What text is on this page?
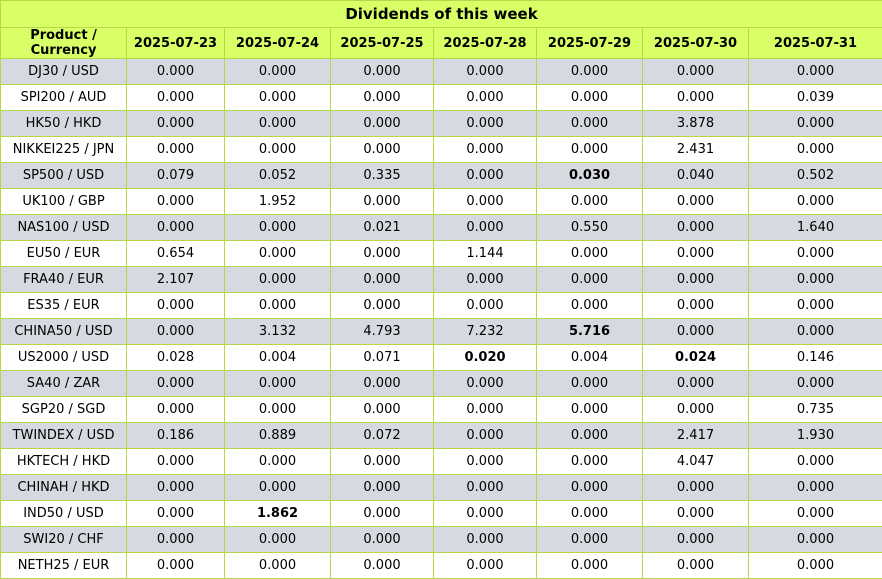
Dividends of this week							
Product / Currency	2025-07-23	2025-07-24	2025-07-25	2025-07-28	2025-07-29	2025-07-30	2025-07-31
DJ30 / USD	0.000	0.000	0.000	0.000	0.000	0.000	0.000
SPI200 / AUD	0.000	0.000	0.000	0.000	0.000	0.000	0.039
HK50 / HKD	0.000	0.000	0.000	0.000	0.000	3.878	0.000
NIKKEI225 / JPN	0.000	0.000	0.000	0.000	0.000	2.431	0.000
SP500 / USD	0.079	0.052	0.335	0.000	0.030	0.040	0.502
UK100 / GBP	0.000	1.952	0.000	0.000	0.000	0.000	0.000
NAS100 / USD	0.000	0.000	0.021	0.000	0.550	0.000	1.640
EU50 / EUR	0.654	0.000	0.000	1.144	0.000	0.000	0.000
FRA40 / EUR	2.107	0.000	0.000	0.000	0.000	0.000	0.000
ES35 / EUR	0.000	0.000	0.000	0.000	0.000	0.000	0.000
CHINA50 / USD	0.000	3.132	4.793	7.232	5.716	0.000	0.000
US2000 / USD	0.028	0.004	0.071	0.020	0.004	0.024	0.146
SA40 / ZAR	0.000	0.000	0.000	0.000	0.000	0.000	0.000
SGP20 / SGD	0.000	0.000	0.000	0.000	0.000	0.000	0.735
TWINDEX / USD	0.186	0.889	0.072	0.000	0.000	2.417	1.930
HKTECH / HKD	0.000	0.000	0.000	0.000	0.000	4.047	0.000
CHINAH / HKD	0.000	0.000	0.000	0.000	0.000	0.000	0.000
IND50 / USD	0.000	1.862	0.000	0.000	0.000	0.000	0.000
SWI20 / CHF	0.000	0.000	0.000	0.000	0.000	0.000	0.000
NETH25 / EUR	0.000	0.000	0.000	0.000	0.000	0.000	0.000
